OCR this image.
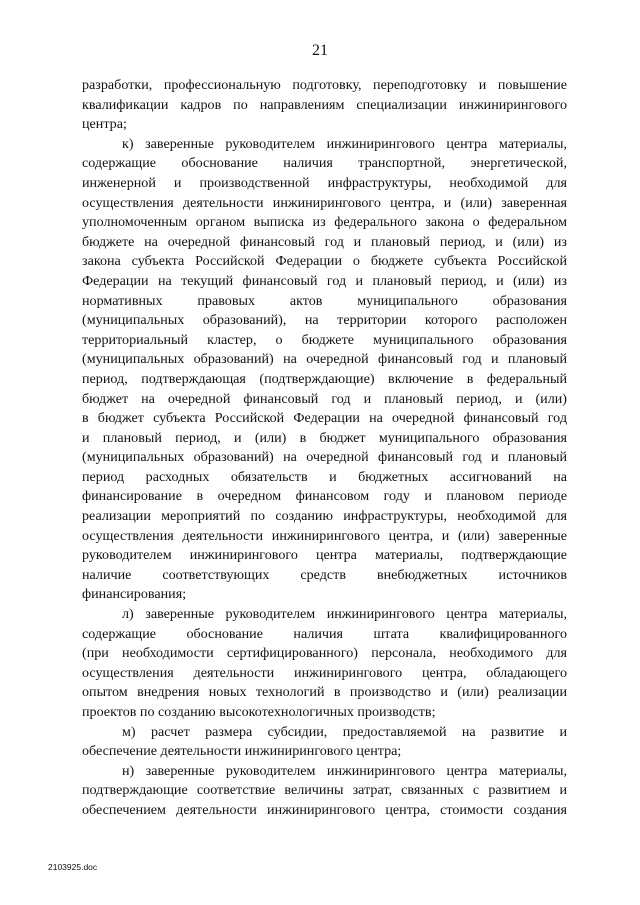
21
разработки, профессиональную подготовку, переподготовку и повышение
квалификации кадров по направлениям специализации инжинирингового
центра;
к) заверенные руководителем инжинирингового центра материалы,
содержащие обоснование наличия транспортной, энергетической,
инженерной и производственной инфраструктуры, необходимой для
осуществления деятельности инжинирингового центра, и (или) заверенная
уполномоченным органом выписка из федерального закона о федеральном
бюджете на очередной финансовый год и плановый период, и (или) из
закона субъекта Российской Федерации о бюджете субъекта Российской
Федерации на текущий финансовый год и плановый период, и (или) из
нормативных правовых актов муниципального образования
(муниципальных образований), на территории которого расположен
территориальный кластер, о бюджете муниципального образования
(муниципальных образований) на очередной финансовый год и плановый
период, подтверждающая (подтверждающие) включение в федеральный
бюджет на очередной финансовый год и плановый период, и (или)
в бюджет субъекта Российской Федерации на очередной финансовый год
и плановый период, и (или) в бюджет муниципального образования
(муниципальных образований) на очередной финансовый год и плановый
период расходных обязательств и бюджетных ассигнований на
финансирование в очередном финансовом году и плановом периоде
реализации мероприятий по созданию инфраструктуры, необходимой для
осуществления деятельности инжинирингового центра, и (или) заверенные
руководителем инжинирингового центра материалы, подтверждающие
наличие соответствующих средств внебюджетных источников
финансирования;
л) заверенные руководителем инжинирингового центра материалы,
содержащие обоснование наличия штата квалифицированного
(при необходимости сертифицированного) персонала, необходимого для
осуществления деятельности инжинирингового центра, обладающего
опытом внедрения новых технологий в производство и (или) реализации
проектов по созданию высокотехнологичных производств;
м) расчет размера субсидии, предоставляемой на развитие и
обеспечение деятельности инжинирингового центра;
н) заверенные руководителем инжинирингового центра материалы,
подтверждающие соответствие величины затрат, связанных с развитием и
обеспечением деятельности инжинирингового центра, стоимости создания
2103925.doc
